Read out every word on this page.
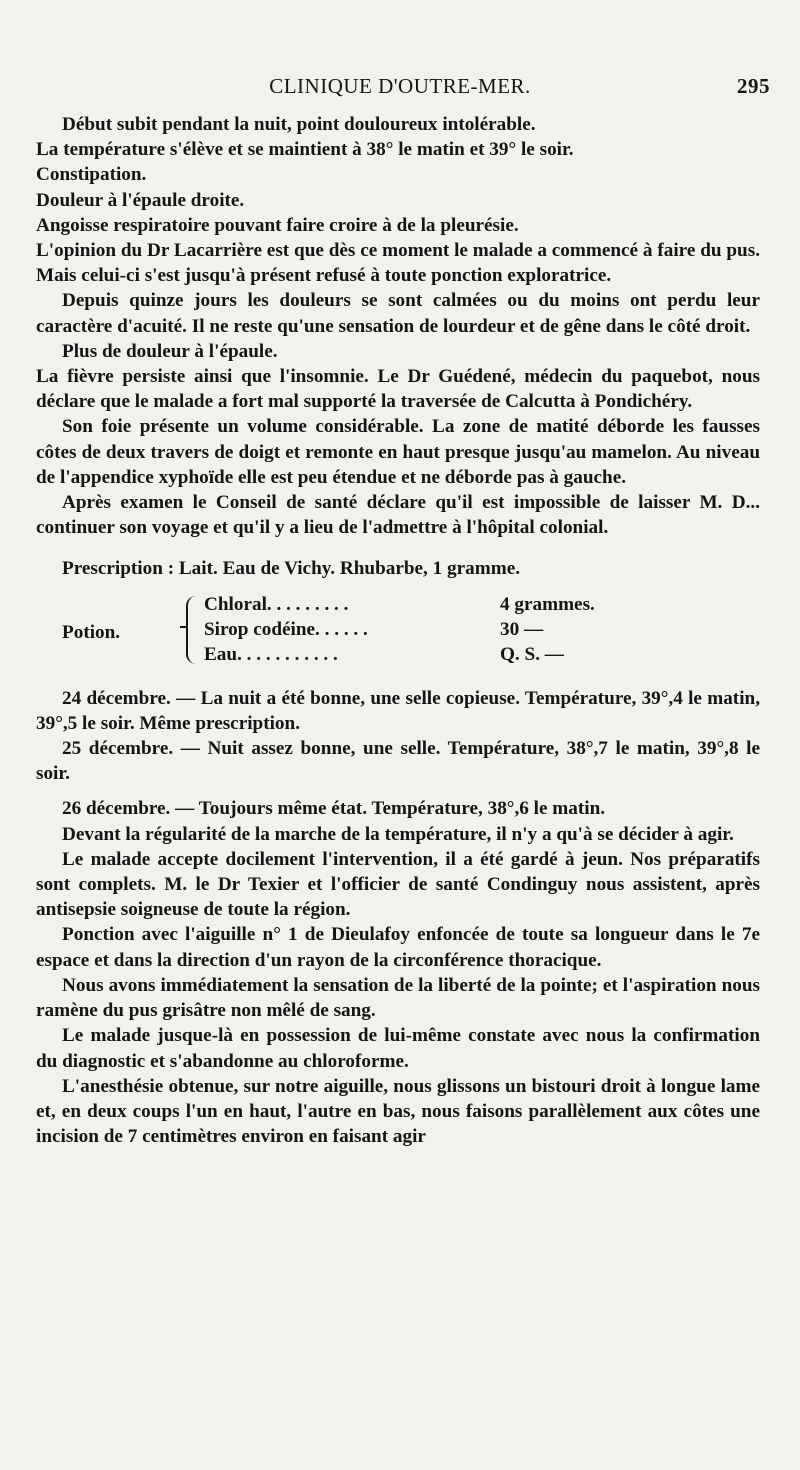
CLINIQUE D'OUTRE-MER.	295

Début subit pendant la nuit, point douloureux intolérable.

La température s'élève et se maintient à 38° le matin et 39° le soir.

Constipation.

Douleur à l'épaule droite.

Angoisse respiratoire pouvant faire croire à de la pleurésie.

L'opinion du Dr Lacarrière est que dès ce moment le malade a commencé à faire du pus. Mais celui-ci s'est jusqu'à présent refusé à toute ponction exploratrice.

Depuis quinze jours les douleurs se sont calmées ou du moins ont perdu leur caractère d'acuité. Il ne reste qu'une sensation de lourdeur et de gêne dans le côté droit.

Plus de douleur à l'épaule.

La fièvre persiste ainsi que l'insomnie. Le Dr Guédené, médecin du paquebot, nous déclare que le malade a fort mal supporté la traversée de Calcutta à Pondichéry.

Son foie présente un volume considérable. La zone de matité déborde les fausses côtes de deux travers de doigt et remonte en haut presque jusqu'au mamelon. Au niveau de l'appendice xyphoïde elle est peu étendue et ne déborde pas à gauche.

Après examen le Conseil de santé déclare qu'il est impossible de laisser M. D... continuer son voyage et qu'il y a lieu de l'admettre à l'hôpital colonial.

Prescription : Lait. Eau de Vichy. Rhubarbe, 1 gramme.

Potion.
Chloral. . . . . . . . .	4 grammes.
Sirop codéine. . . . . .	30 —
Eau. . . . . . . . . . .	Q. S. —

24 décembre. — La nuit a été bonne, une selle copieuse. Température, 39°,4 le matin, 39°,5 le soir. Même prescription.

25 décembre. — Nuit assez bonne, une selle. Température, 38°,7 le matin, 39°,8 le soir.

26 décembre. — Toujours même état. Température, 38°,6 le matin.

Devant la régularité de la marche de la température, il n'y a qu'à se décider à agir.

Le malade accepte docilement l'intervention, il a été gardé à jeun. Nos préparatifs sont complets. M. le Dr Texier et l'officier de santé Condinguy nous assistent, après antisepsie soigneuse de toute la région.

Ponction avec l'aiguille n° 1 de Dieulafoy enfoncée de toute sa longueur dans le 7e espace et dans la direction d'un rayon de la circonférence thoracique.

Nous avons immédiatement la sensation de la liberté de la pointe; et l'aspiration nous ramène du pus grisâtre non mêlé de sang.

Le malade jusque-là en possession de lui-même constate avec nous la confirmation du diagnostic et s'abandonne au chloroforme.

L'anesthésie obtenue, sur notre aiguille, nous glissons un bistouri droit à longue lame et, en deux coups l'un en haut, l'autre en bas, nous faisons parallèlement aux côtes une incision de 7 centimètres environ en faisant agir
